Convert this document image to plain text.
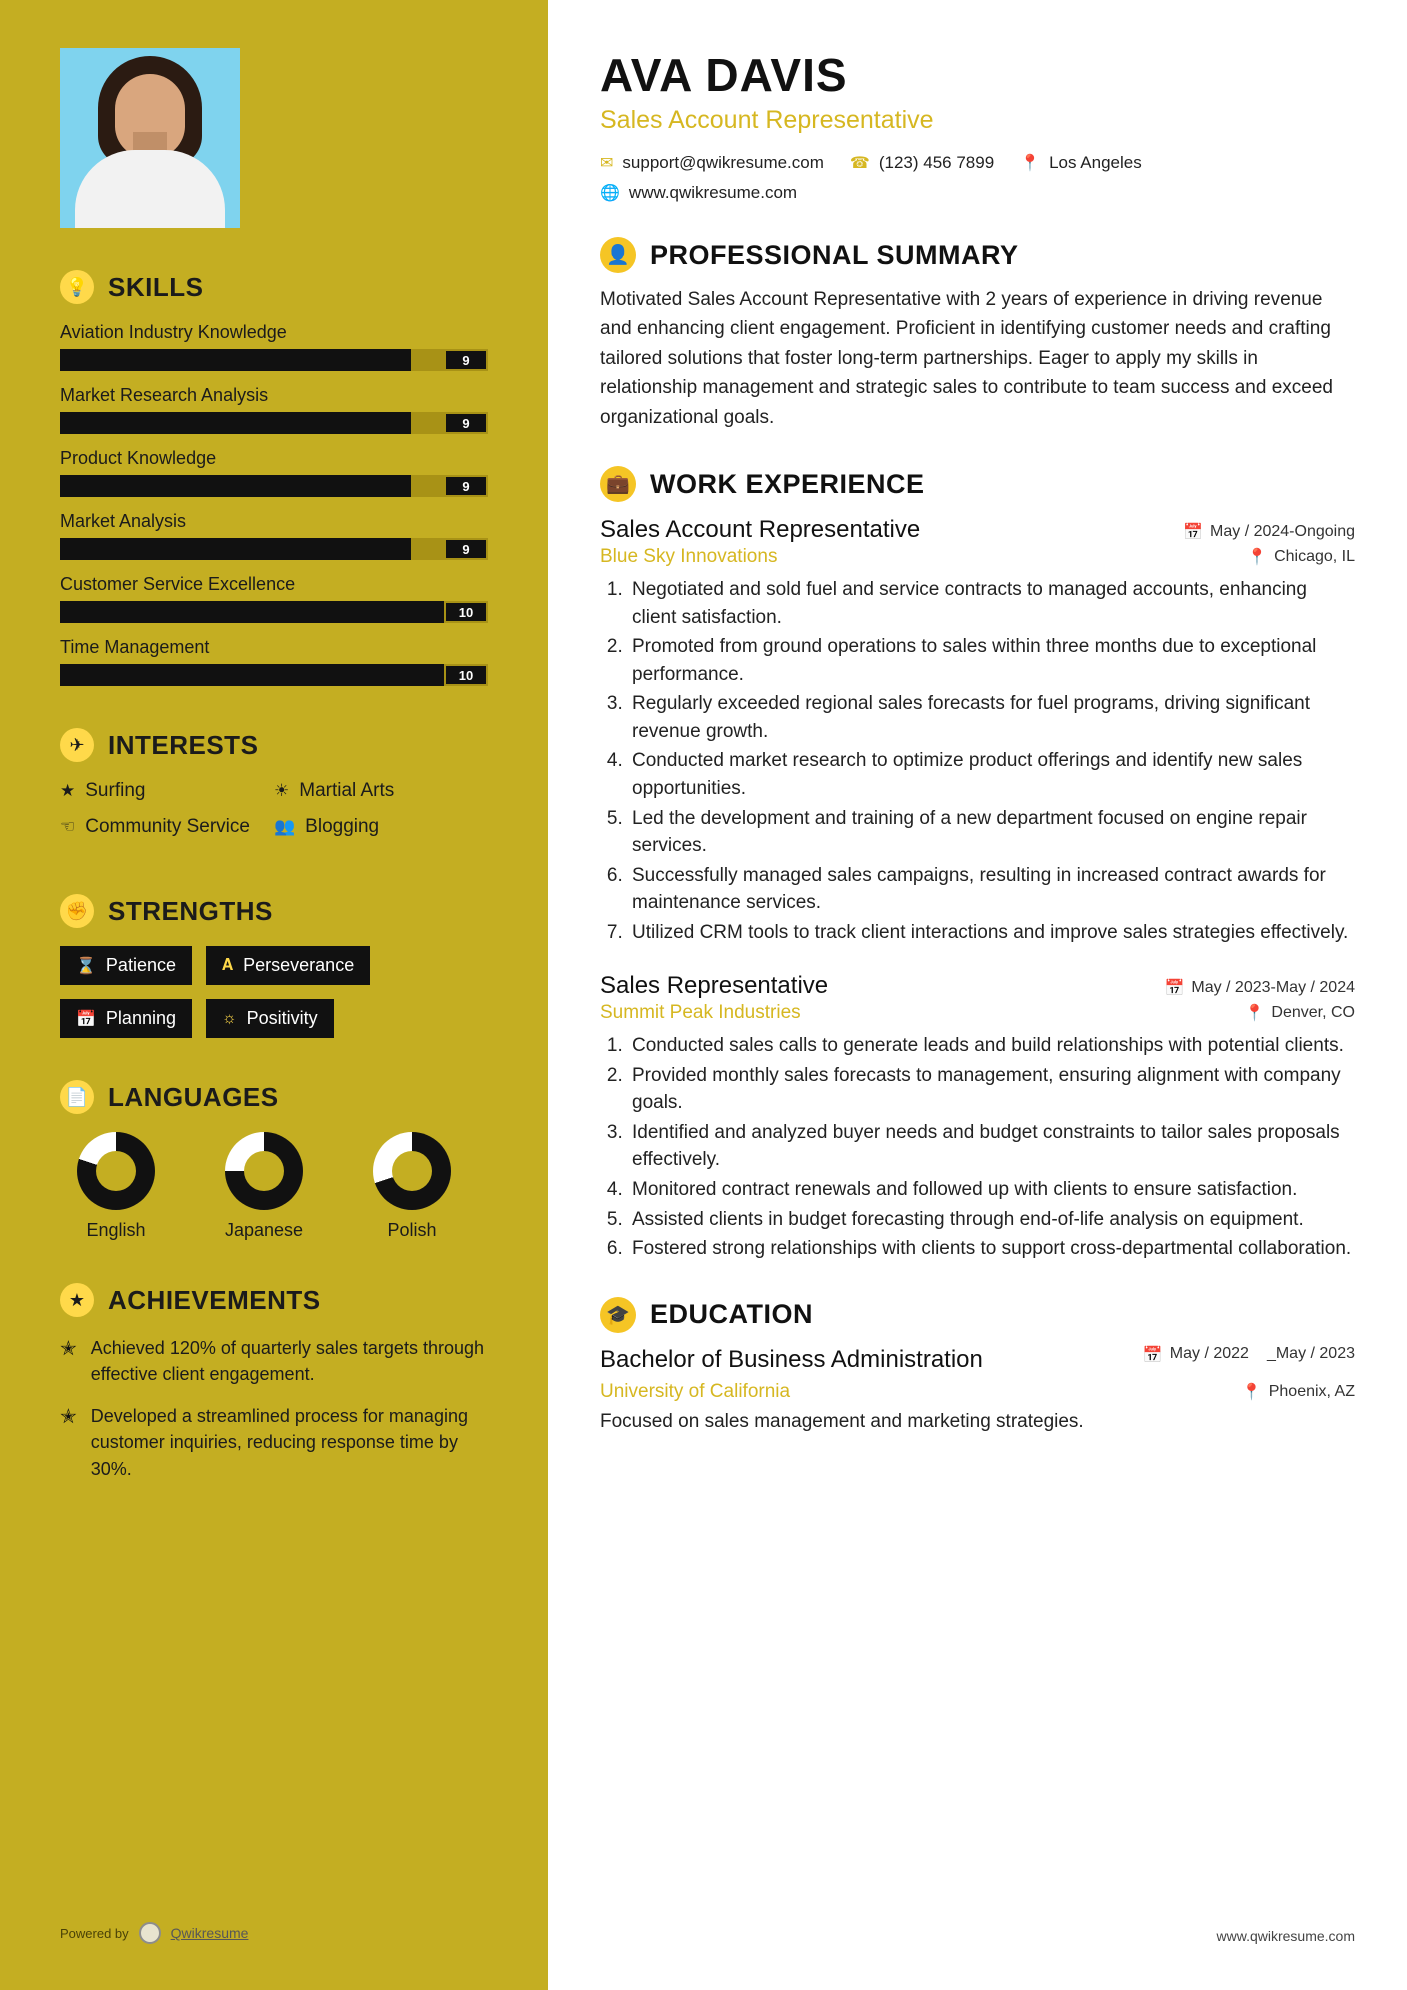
💡 SKILLS
Aviation Industry Knowledge
9
Market Research Analysis
9
Product Knowledge
9
Market Analysis
9
Customer Service Excellence
10
Time Management
10
✈ INTERESTS
★ Surfing	☀ Martial Arts
☜ Community Service 👥 Blogging
✊ STRENGTHS
⌛ Patience	𝐀 Perseverance
📅 Planning	☼ Positivity
📄 LANGUAGES
English	Japanese	Polish
★ ACHIEVEMENTS
✭ Achieved 120% of quarterly sales targets through effective client engagement.
✭ Developed a streamlined process for managing customer inquiries, reducing response time by 30%.
Powered by	Qwikresume
AVA DAVIS
Sales Account Representative
✉ support@qwikresume.com ☎ (123) 456 7899 📍 Los Angeles
🌐 www.qwikresume.com
👤 PROFESSIONAL SUMMARY
Motivated Sales Account Representative with 2 years of experience in driving revenue and enhancing client engagement. Proficient in identifying customer needs and crafting tailored solutions that foster long-term partnerships. Eager to apply my skills in relationship management and strategic sales to contribute to team success and exceed organizational goals.
💼 WORK EXPERIENCE
Sales Account Representative	📅 May / 2024-Ongoing
Blue Sky Innovations	📍 Chicago, IL
1. Negotiated and sold fuel and service contracts to managed accounts, enhancing client satisfaction.
2. Promoted from ground operations to sales within three months due to exceptional performance.
3. Regularly exceeded regional sales forecasts for fuel programs, driving significant revenue growth.
4. Conducted market research to optimize product offerings and identify new sales opportunities.
5. Led the development and training of a new department focused on engine repair services.
6. Successfully managed sales campaigns, resulting in increased contract awards for maintenance services.
7. Utilized CRM tools to track client interactions and improve sales strategies effectively.
Sales Representative	📅 May / 2023-May / 2024
Summit Peak Industries	📍 Denver, CO
1. Conducted sales calls to generate leads and build relationships with potential clients.
2. Provided monthly sales forecasts to management, ensuring alignment with company goals.
3. Identified and analyzed buyer needs and budget constraints to tailor sales proposals effectively.
4. Monitored contract renewals and followed up with clients to ensure satisfaction.
5. Assisted clients in budget forecasting through end-of-life analysis on equipment.
6. Fostered strong relationships with clients to support cross-departmental collaboration.
🎓 EDUCATION
Bachelor of Business Administration	📅 May / 2022 _May / 2023
University of California	📍 Phoenix, AZ
Focused on sales management and marketing strategies.
www.qwikresume.com
